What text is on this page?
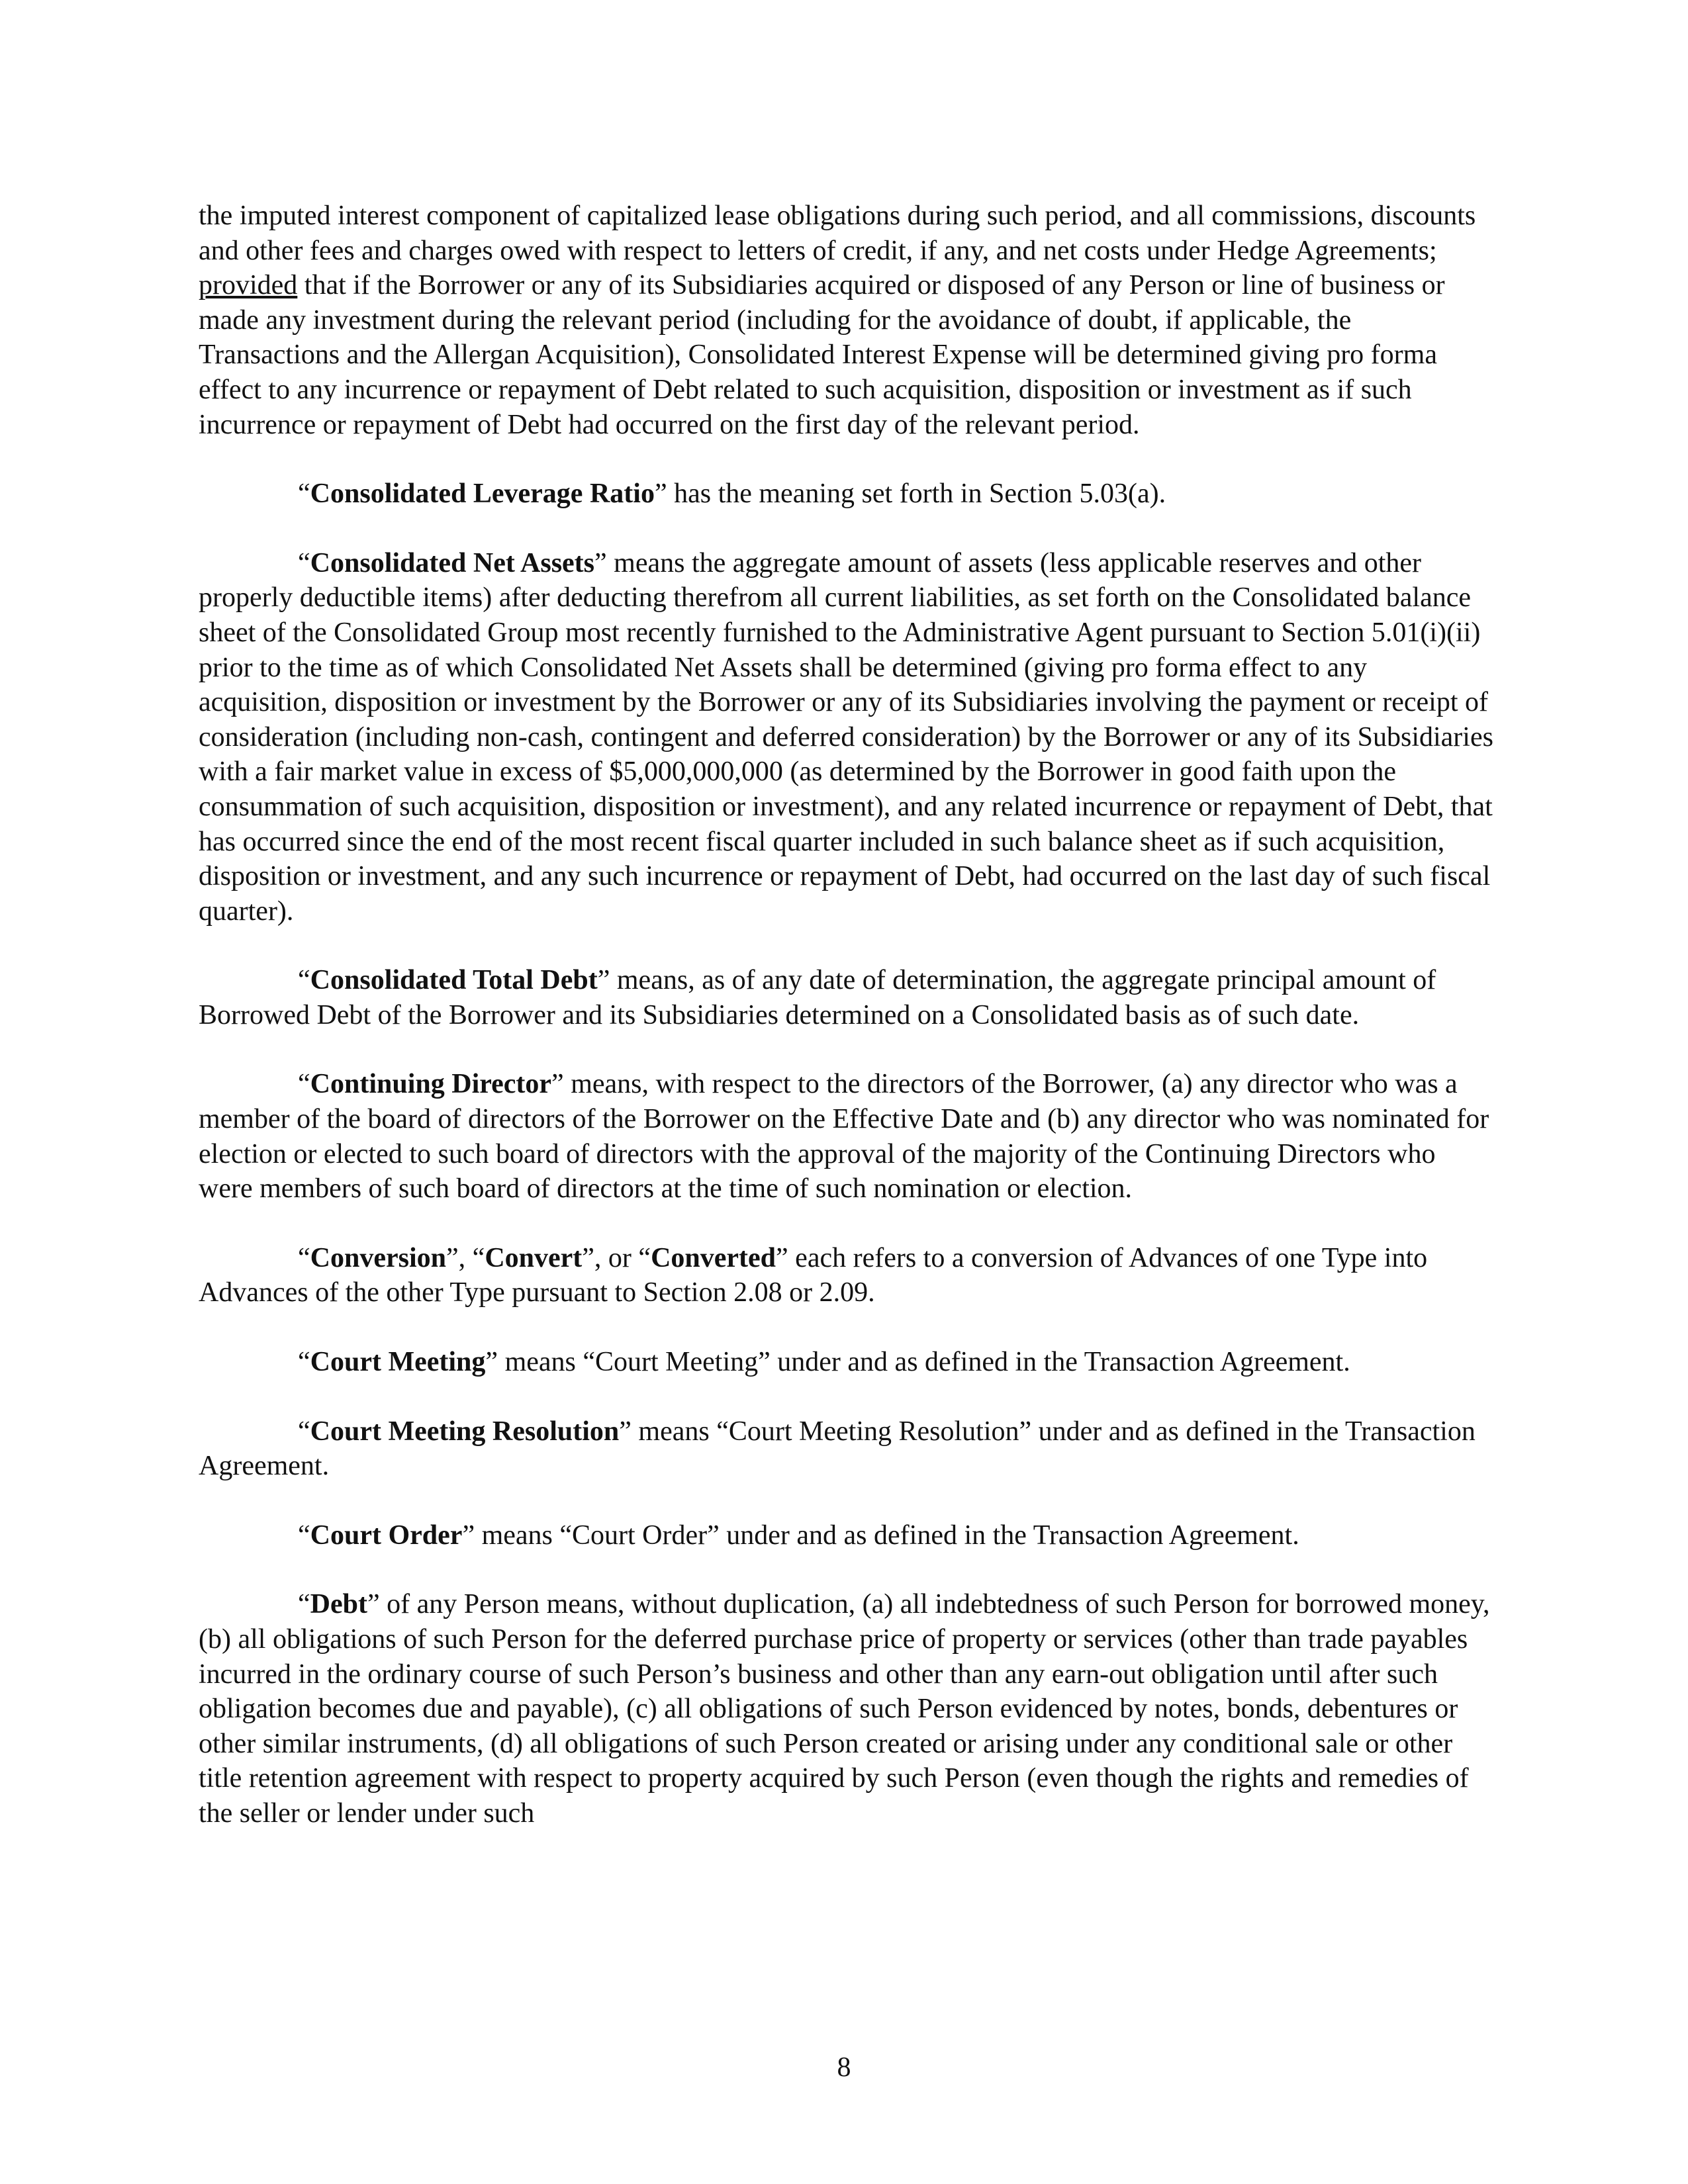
the imputed interest component of capitalized lease obligations during such period, and all commissions, discounts and other fees and charges owed with respect to letters of credit, if any, and net costs under Hedge Agreements; provided that if the Borrower or any of its Subsidiaries acquired or disposed of any Person or line of business or made any investment during the relevant period (including for the avoidance of doubt, if applicable, the Transactions and the Allergan Acquisition), Consolidated Interest Expense will be determined giving pro forma effect to any incurrence or repayment of Debt related to such acquisition, disposition or investment as if such incurrence or repayment of Debt had occurred on the first day of the relevant period.

“Consolidated Leverage Ratio” has the meaning set forth in Section 5.03(a).

“Consolidated Net Assets” means the aggregate amount of assets (less applicable reserves and other properly deductible items) after deducting therefrom all current liabilities, as set forth on the Consolidated balance sheet of the Consolidated Group most recently furnished to the Administrative Agent pursuant to Section 5.01(i)(ii) prior to the time as of which Consolidated Net Assets shall be determined (giving pro forma effect to any acquisition, disposition or investment by the Borrower or any of its Subsidiaries involving the payment or receipt of consideration (including non-cash, contingent and deferred consideration) by the Borrower or any of its Subsidiaries with a fair market value in excess of $5,000,000,000 (as determined by the Borrower in good faith upon the consummation of such acquisition, disposition or investment), and any related incurrence or repayment of Debt, that has occurred since the end of the most recent fiscal quarter included in such balance sheet as if such acquisition, disposition or investment, and any such incurrence or repayment of Debt, had occurred on the last day of such fiscal quarter).

“Consolidated Total Debt” means, as of any date of determination, the aggregate principal amount of Borrowed Debt of the Borrower and its Subsidiaries determined on a Consolidated basis as of such date.

“Continuing Director” means, with respect to the directors of the Borrower, (a) any director who was a member of the board of directors of the Borrower on the Effective Date and (b) any director who was nominated for election or elected to such board of directors with the approval of the majority of the Continuing Directors who were members of such board of directors at the time of such nomination or election.

“Conversion”, “Convert”, or “Converted” each refers to a conversion of Advances of one Type into Advances of the other Type pursuant to Section 2.08 or 2.09.

“Court Meeting” means “Court Meeting” under and as defined in the Transaction Agreement.

“Court Meeting Resolution” means “Court Meeting Resolution” under and as defined in the Transaction Agreement.

“Court Order” means “Court Order” under and as defined in the Transaction Agreement.

“Debt” of any Person means, without duplication, (a) all indebtedness of such Person for borrowed money, (b) all obligations of such Person for the deferred purchase price of property or services (other than trade payables incurred in the ordinary course of such Person’s business and other than any earn-out obligation until after such obligation becomes due and payable), (c) all obligations of such Person evidenced by notes, bonds, debentures or other similar instruments, (d) all obligations of such Person created or arising under any conditional sale or other title retention agreement with respect to property acquired by such Person (even though the rights and remedies of the seller or lender under such

8
